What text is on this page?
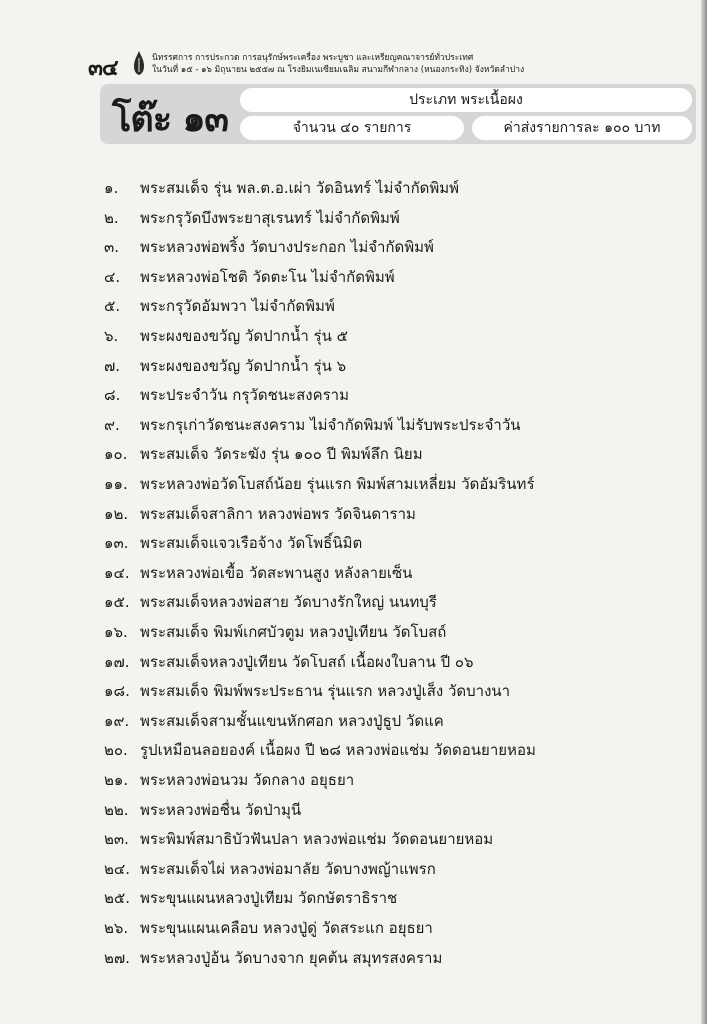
๓๔	นิทรรศการ การประกวด การอนุรักษ์พระเครื่อง พระบูชา และเหรียญคณาจารย์ทั่วประเทศ
ในวันที่ ๑๕ - ๑๖ มิถุนายน ๒๕๕๗ ณ โรงยิมเนเซียมเฉลิม สนามกีฬากลาง (หนองกระทิง) จังหวัดลำปาง
โต๊ะ ๑๓	ประเภท พระเนื้อผง
จำนวน ๔๐ รายการ	ค่าส่งรายการละ ๑๐๐ บาท
๑.	พระสมเด็จ รุ่น พล.ต.อ.เผ่า วัดอินทร์ ไม่จำกัดพิมพ์
๒.	พระกรุวัดบึงพระยาสุเรนทร์ ไม่จำกัดพิมพ์
๓.	พระหลวงพ่อพริ้ง วัดบางประกอก ไม่จำกัดพิมพ์
๔.	พระหลวงพ่อโชติ วัดตะโน ไม่จำกัดพิมพ์
๕.	พระกรุวัดอัมพวา ไม่จำกัดพิมพ์
๖.	พระผงของขวัญ วัดปากน้ำ รุ่น ๕
๗.	พระผงของขวัญ วัดปากน้ำ รุ่น ๖
๘.	พระประจำวัน กรุวัดชนะสงคราม
๙.	พระกรุเก่าวัดชนะสงคราม ไม่จำกัดพิมพ์ ไม่รับพระประจำวัน
๑๐. พระสมเด็จ วัดระฆัง รุ่น ๑๐๐ ปี พิมพ์ลึก นิยม
๑๑. พระหลวงพ่อวัดโบสถ์น้อย รุ่นแรก พิมพ์สามเหลี่ยม วัดอัมรินทร์
๑๒. พระสมเด็จสาลิกา หลวงพ่อพร วัดจินดาราม
๑๓. พระสมเด็จแจวเรือจ้าง วัดโพธิ์นิมิต
๑๔. พระหลวงพ่อเขื้อ วัดสะพานสูง หลังลายเซ็น
๑๕. พระสมเด็จหลวงพ่อสาย วัดบางรักใหญ่ นนทบุรี
๑๖. พระสมเด็จ พิมพ์เกศบัวตูม หลวงปู่เทียน วัดโบสถ์
๑๗. พระสมเด็จหลวงปู่เทียน วัดโบสถ์ เนื้อผงใบลาน ปี ๐๖
๑๘. พระสมเด็จ พิมพ์พระประธาน รุ่นแรก หลวงปู่เส็ง วัดบางนา
๑๙. พระสมเด็จสามชั้นแขนหักศอก หลวงปู่ธูป วัดแค
๒๐. รูปเหมือนลอยองค์ เนื้อผง ปี ๒๘ หลวงพ่อแช่ม วัดดอนยายหอม
๒๑. พระหลวงพ่อนวม วัดกลาง อยุธยา
๒๒. พระหลวงพ่อชื่น วัดป่ามุนี
๒๓. พระพิมพ์สมาธิบัวฟันปลา หลวงพ่อแช่ม วัดดอนยายหอม
๒๔. พระสมเด็จไผ่ หลวงพ่อมาลัย วัดบางพญ้าแพรก
๒๕. พระขุนแผนหลวงปู่เทียม วัดกษัตราธิราช
๒๖. พระขุนแผนเคลือบ หลวงปู่ดู่ วัดสระแก อยุธยา
๒๗. พระหลวงปู่อ้น วัดบางจาก ยุคต้น สมุทรสงคราม
